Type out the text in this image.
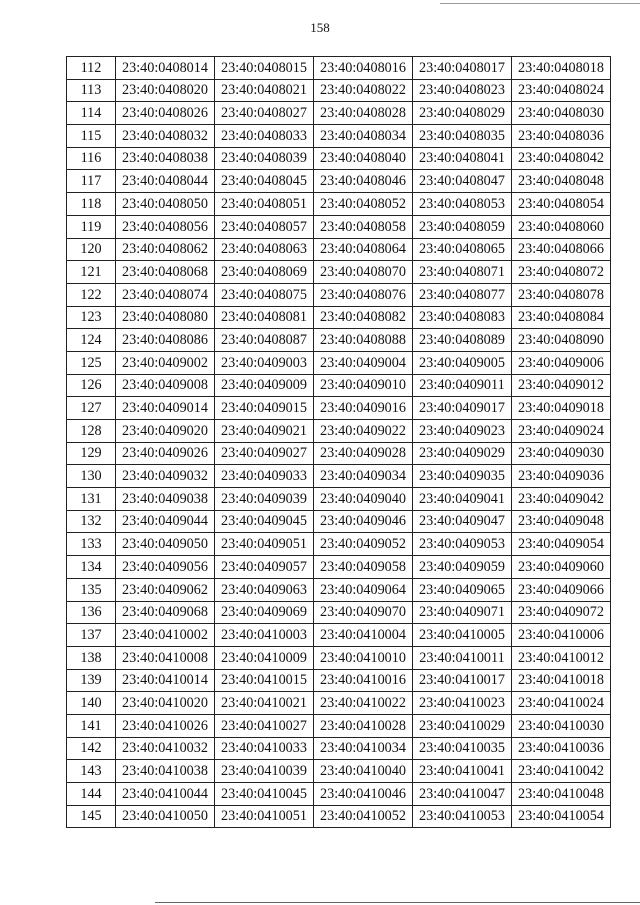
158
112	23:40:0408014	23:40:0408015	23:40:0408016	23:40:0408017	23:40:0408018
113	23:40:0408020	23:40:0408021	23:40:0408022	23:40:0408023	23:40:0408024
114	23:40:0408026	23:40:0408027	23:40:0408028	23:40:0408029	23:40:0408030
115	23:40:0408032	23:40:0408033	23:40:0408034	23:40:0408035	23:40:0408036
116	23:40:0408038	23:40:0408039	23:40:0408040	23:40:0408041	23:40:0408042
117	23:40:0408044	23:40:0408045	23:40:0408046	23:40:0408047	23:40:0408048
118	23:40:0408050	23:40:0408051	23:40:0408052	23:40:0408053	23:40:0408054
119	23:40:0408056	23:40:0408057	23:40:0408058	23:40:0408059	23:40:0408060
120	23:40:0408062	23:40:0408063	23:40:0408064	23:40:0408065	23:40:0408066
121	23:40:0408068	23:40:0408069	23:40:0408070	23:40:0408071	23:40:0408072
122	23:40:0408074	23:40:0408075	23:40:0408076	23:40:0408077	23:40:0408078
123	23:40:0408080	23:40:0408081	23:40:0408082	23:40:0408083	23:40:0408084
124	23:40:0408086	23:40:0408087	23:40:0408088	23:40:0408089	23:40:0408090
125	23:40:0409002	23:40:0409003	23:40:0409004	23:40:0409005	23:40:0409006
126	23:40:0409008	23:40:0409009	23:40:0409010	23:40:0409011	23:40:0409012
127	23:40:0409014	23:40:0409015	23:40:0409016	23:40:0409017	23:40:0409018
128	23:40:0409020	23:40:0409021	23:40:0409022	23:40:0409023	23:40:0409024
129	23:40:0409026	23:40:0409027	23:40:0409028	23:40:0409029	23:40:0409030
130	23:40:0409032	23:40:0409033	23:40:0409034	23:40:0409035	23:40:0409036
131	23:40:0409038	23:40:0409039	23:40:0409040	23:40:0409041	23:40:0409042
132	23:40:0409044	23:40:0409045	23:40:0409046	23:40:0409047	23:40:0409048
133	23:40:0409050	23:40:0409051	23:40:0409052	23:40:0409053	23:40:0409054
134	23:40:0409056	23:40:0409057	23:40:0409058	23:40:0409059	23:40:0409060
135	23:40:0409062	23:40:0409063	23:40:0409064	23:40:0409065	23:40:0409066
136	23:40:0409068	23:40:0409069	23:40:0409070	23:40:0409071	23:40:0409072
137	23:40:0410002	23:40:0410003	23:40:0410004	23:40:0410005	23:40:0410006
138	23:40:0410008	23:40:0410009	23:40:0410010	23:40:0410011	23:40:0410012
139	23:40:0410014	23:40:0410015	23:40:0410016	23:40:0410017	23:40:0410018
140	23:40:0410020	23:40:0410021	23:40:0410022	23:40:0410023	23:40:0410024
141	23:40:0410026	23:40:0410027	23:40:0410028	23:40:0410029	23:40:0410030
142	23:40:0410032	23:40:0410033	23:40:0410034	23:40:0410035	23:40:0410036
143	23:40:0410038	23:40:0410039	23:40:0410040	23:40:0410041	23:40:0410042
144	23:40:0410044	23:40:0410045	23:40:0410046	23:40:0410047	23:40:0410048
145	23:40:0410050	23:40:0410051	23:40:0410052	23:40:0410053	23:40:0410054
